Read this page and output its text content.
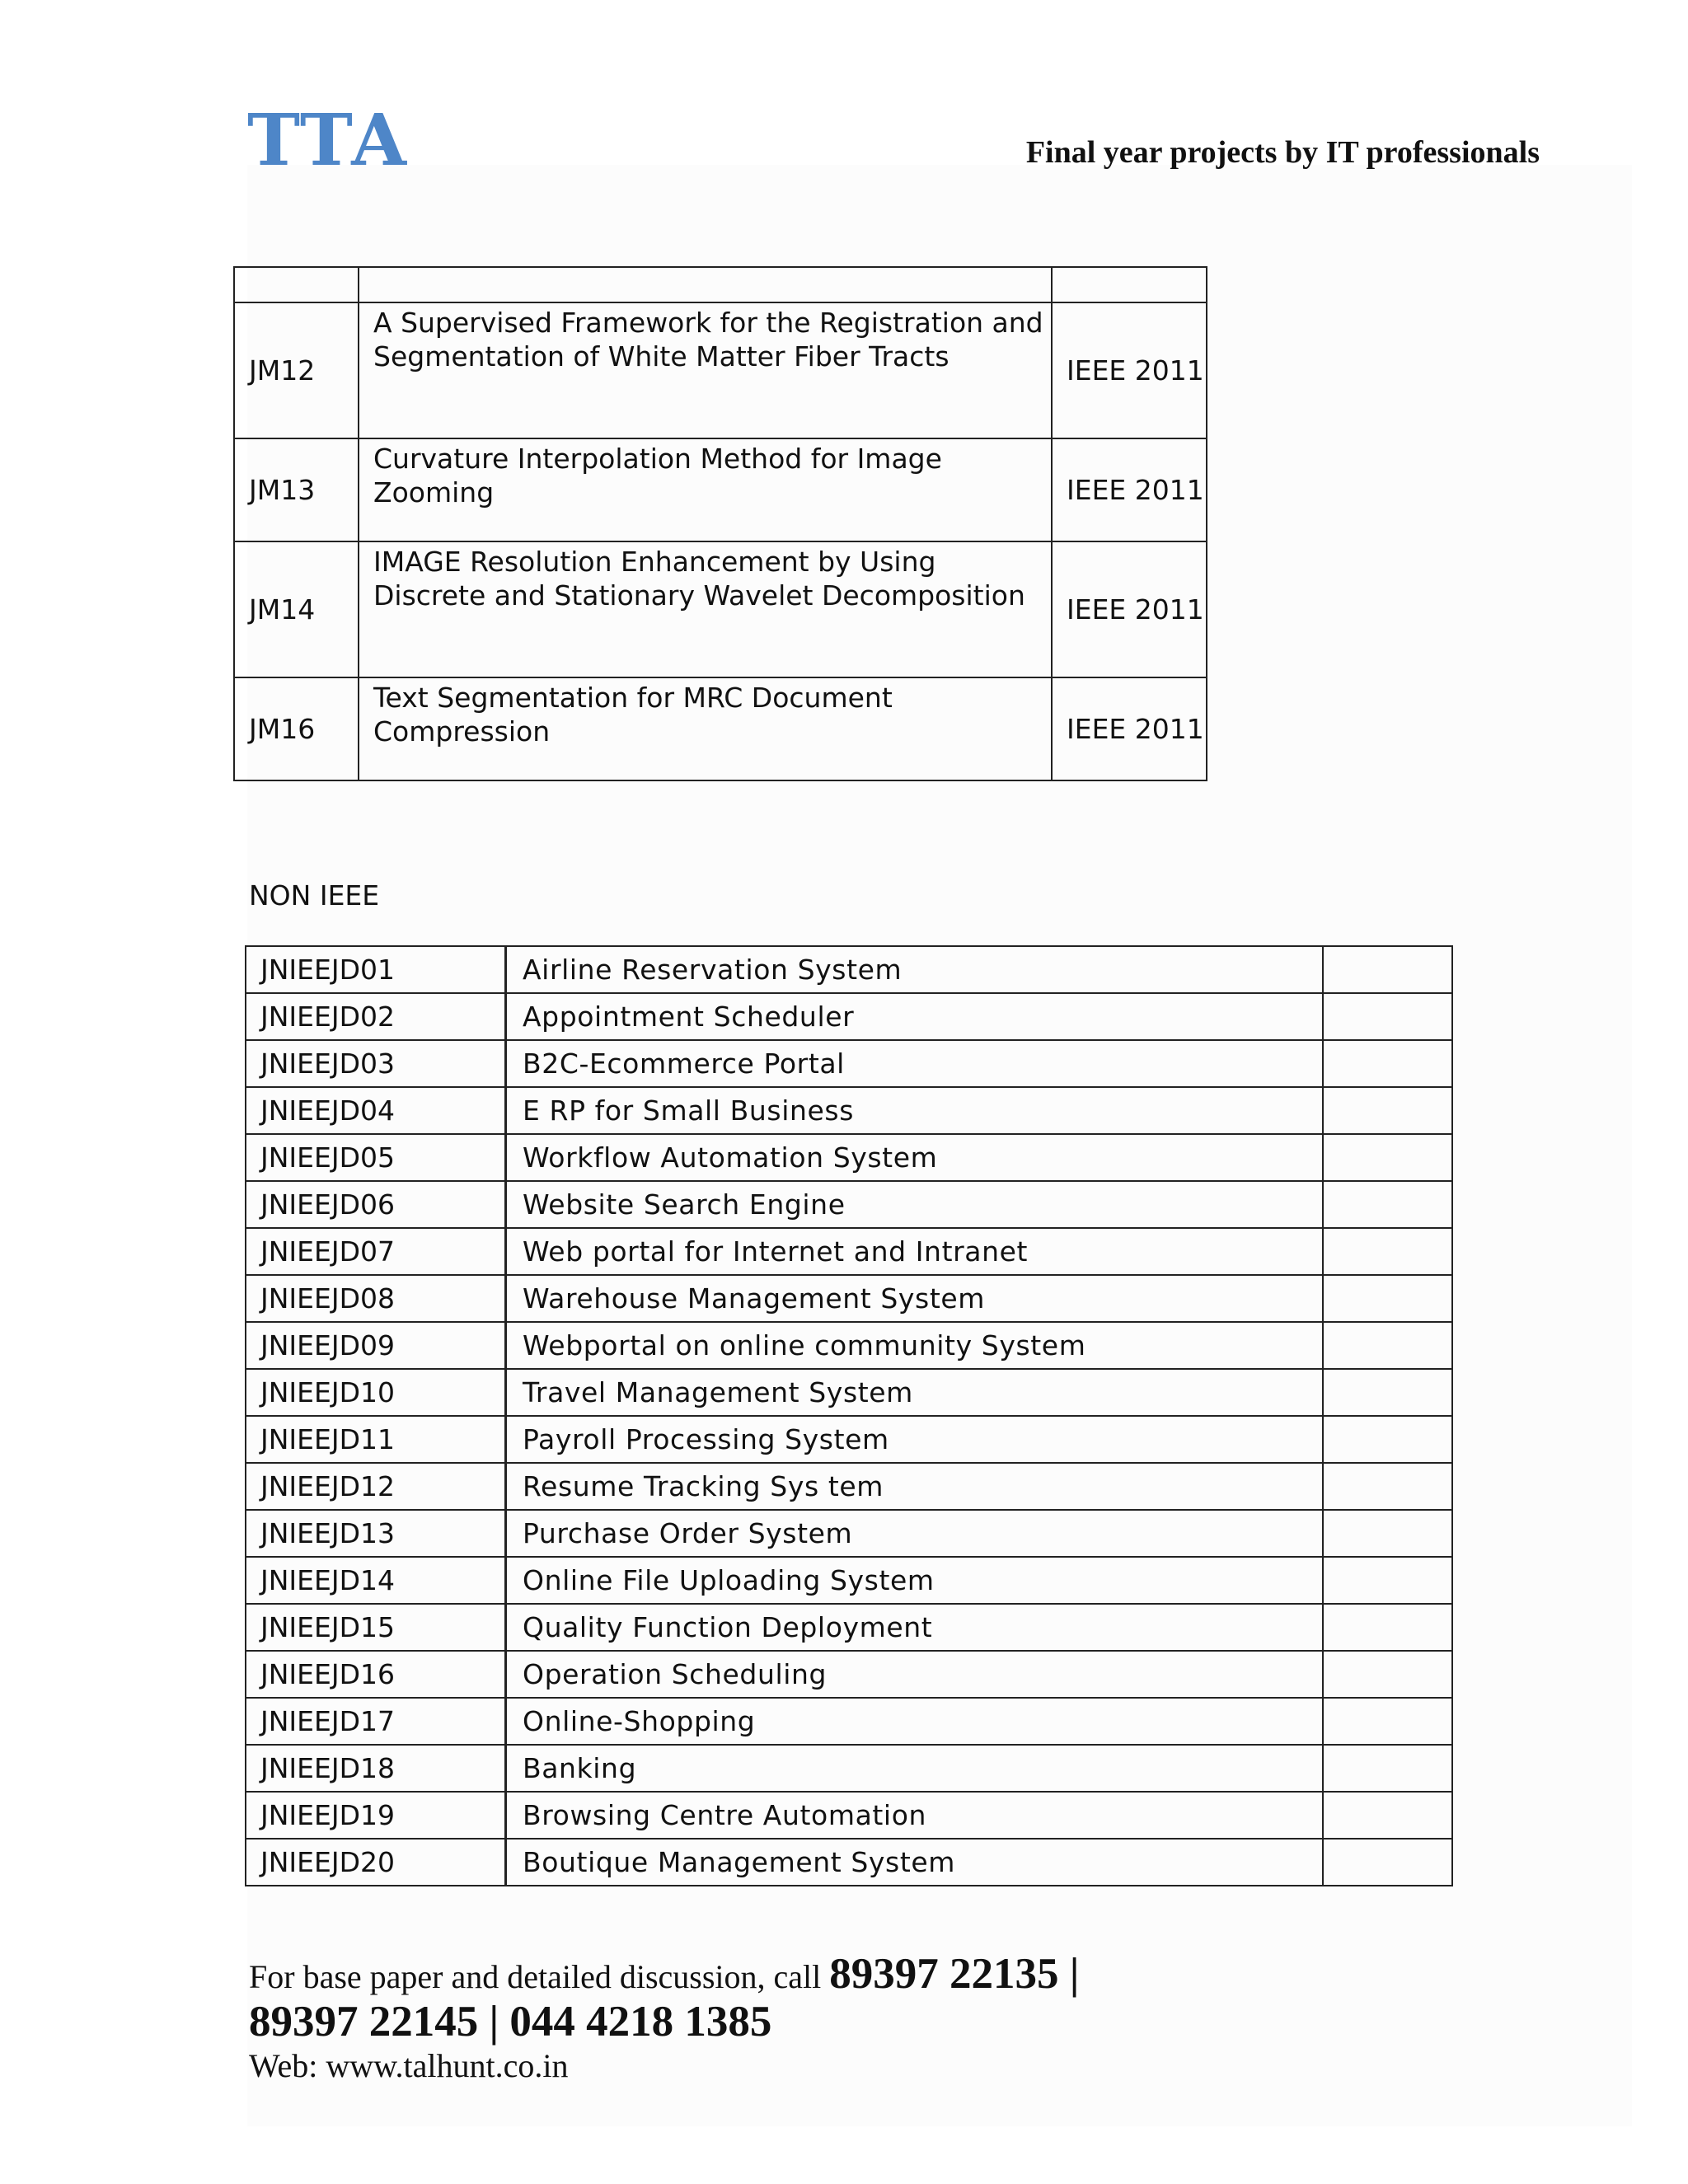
TTA	Final year projects by IT professionals

JM12	A Supervised Framework for the Registration and Segmentation of White Matter Fiber Tracts	IEEE 2011
JM13	Curvature Interpolation Method for Image Zooming	IEEE 2011
JM14	IMAGE Resolution Enhancement by Using Discrete and Stationary Wavelet Decomposition	IEEE 2011
JM16	Text Segmentation for MRC Document Compression	IEEE 2011
NON IEEE
JNIEEJD01	Airline Reservation System	
JNIEEJD02	Appointment Scheduler	
JNIEEJD03	B2C-Ecommerce Portal	
JNIEEJD04	E RP for Small Business	
JNIEEJD05	Workflow Automation System	
JNIEEJD06	Website Search Engine	
JNIEEJD07	Web portal for Internet and Intranet	
JNIEEJD08	Warehouse Management System	
JNIEEJD09	Webportal on online community System	
JNIEEJD10	Travel Management System	
JNIEEJD11	Payroll Processing System	
JNIEEJD12	Resume Tracking Sys tem	
JNIEEJD13	Purchase Order System	
JNIEEJD14	Online File Uploading System	
JNIEEJD15	Quality Function Deployment	
JNIEEJD16	Operation Scheduling	
JNIEEJD17	Online-Shopping	
JNIEEJD18	Banking	
JNIEEJD19	Browsing Centre Automation	
JNIEEJD20	Boutique Management System	
For base paper and detailed discussion, call 89397 22135 |
89397 22145 | 044 4218 1385
Web: www.talhunt.co.in
